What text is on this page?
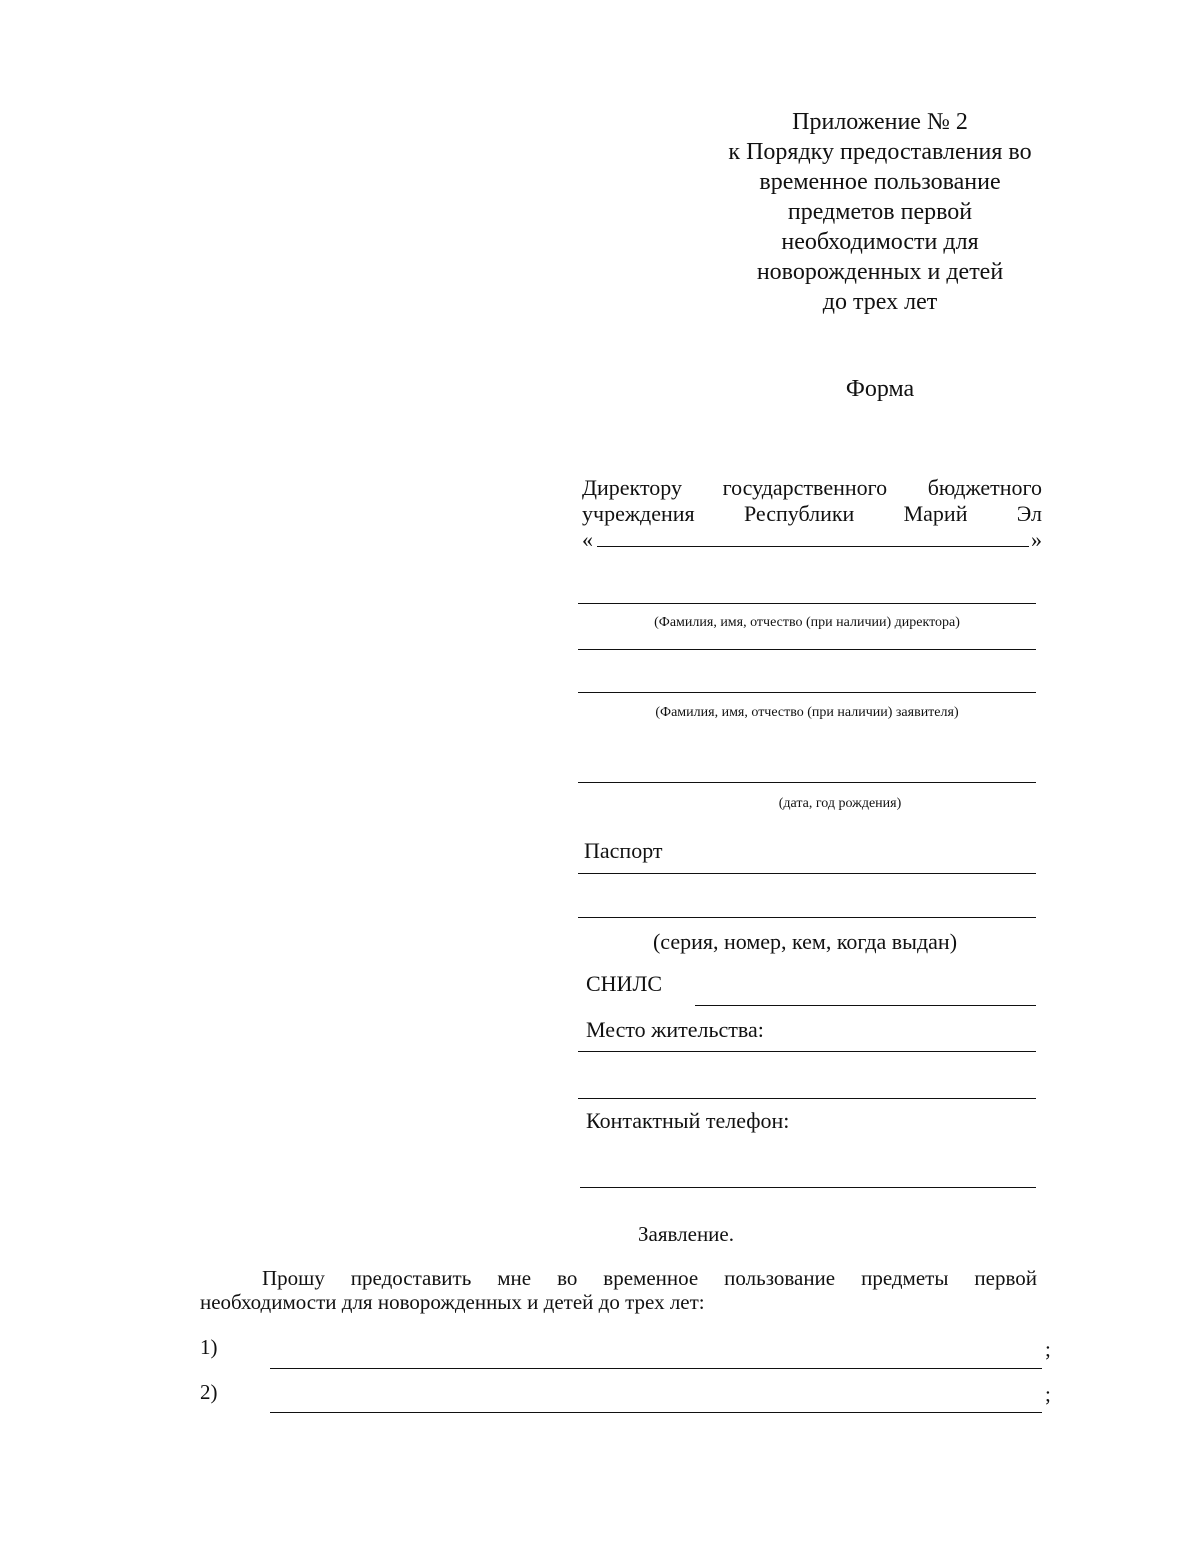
Приложение № 2
к Порядку предоставления во
временное пользование
предметов первой
необходимости для
новорожденных и детей
до трех лет
Форма
Директору государственного бюджетного
учреждения Республики Марий Эл
«	»
(Фамилия, имя, отчество (при наличии) директора)
(Фамилия, имя, отчество (при наличии) заявителя)
(дата, год рождения)
Паспорт
(серия, номер, кем, когда выдан)
СНИЛС
Место жительства:
Контактный телефон:
Заявление.
Прошу предоставить мне во временное пользование предметы первой
необходимости для новорожденных и детей до трех лет:
1)	;
2)	;
